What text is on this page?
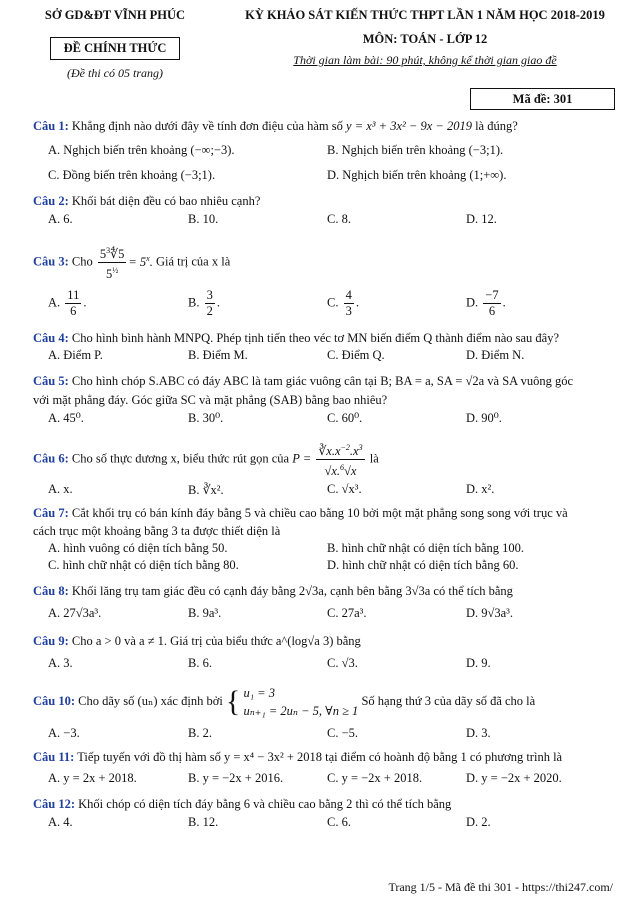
SỞ GD&ĐT VĨNH PHÚC
ĐỀ CHÍNH THỨC
(Đề thi có 05 trang)
KỲ KHẢO SÁT KIẾN THỨC THPT LẦN 1 NĂM HỌC 2018-2019
MÔN: TOÁN - LỚP 12
Thời gian làm bài: 90 phút, không kể thời gian giao đề
Mã đề: 301
Câu 1: Khẳng định nào dưới đây về tính đơn điệu của hàm số y = x³ + 3x² − 9x − 2019 là đúng?
A. Nghịch biến trên khoảng (−∞;−3).	B. Nghịch biến trên khoảng (−3;1).
C. Đồng biến trên khoảng (−3;1).	D. Nghịch biến trên khoảng (1;+∞).
Câu 2: Khối bát diện đều có bao nhiêu cạnh?
A. 6.	B. 10.	C. 8.	D. 12.
Câu 3: Cho $\frac{5^3∜5}{5^{\frac{1}{2}}} = 5^x$. Giá trị của x là
A. $\frac{11}{6}$ .	B. $\frac{3}{2}$ .	C. $\frac{4}{3}$ .	D. $\frac{-7}{6}$ .
Câu 4: Cho hình bình hành MNPQ. Phép tịnh tiến theo véc tơ MN biến điểm Q thành điểm nào sau đây?
A. Điểm P.	B. Điểm M.	C. Điểm Q.	D. Điểm N.
Câu 5: Cho hình chóp S.ABC có đáy ABC là tam giác vuông cân tại B; BA = a, SA = √2a và SA vuông góc
với mặt phẳng đáy. Góc giữa SC và mặt phẳng (SAB) bằng bao nhiêu?
A. 45⁰.	B. 30⁰.	C. 60⁰.	D. 90⁰.
Câu 6: Cho số thực dương x, biểu thức rút gọn của $P = \frac{∛x.x^{-2}.x^3}{√x.^6√x}$ là
A. x.	B. ∛x².	C. √x³.	D. x².
Câu 7: Cắt khối trụ có bán kính đáy bằng 5 và chiều cao bằng 10 bởi một mặt phẳng song song với trục và
cách trục một khoảng bằng 3 ta được thiết diện là
A. hình vuông có diện tích bằng 50.	B. hình chữ nhật có diện tích bằng 100.
C. hình chữ nhật có diện tích bằng 80.	D. hình chữ nhật có diện tích bằng 60.
Câu 8: Khối lăng trụ tam giác đều có cạnh đáy bằng 2√3a, cạnh bên bằng 3√3a có thể tích bằng
A. 27√3a³.	B. 9a³.	C. 27a³.	D. 9√3a³.
Câu 9: Cho a > 0 và a ≠ 1. Giá trị của biểu thức a^(log√a 3) bằng
A. 3.	B. 6.	C. √3.	D. 9.
Câu 10: Cho dãy số (uₙ) xác định bởi { u₁ = 3
uₙ₊₁ = 2uₙ − 5, ∀n ≥ 1
Số hạng thứ 3 của dãy số đã cho là
A. −3.	B. 2.	C. −5.	D. 3.
Câu 11: Tiếp tuyến với đồ thị hàm số y = x⁴ − 3x² + 2018 tại điểm có hoành độ bằng 1 có phương trình là
A. y = 2x + 2018.	B. y = −2x + 2016.	C. y = −2x + 2018.	D. y = −2x + 2020.
Câu 12: Khối chóp có diện tích đáy bằng 6 và chiều cao bằng 2 thì có thể tích bằng
A. 4.	B. 12.	C. 6.	D. 2.
Trang 1/5 - Mã đề thi 301 - https://thi247.com/
